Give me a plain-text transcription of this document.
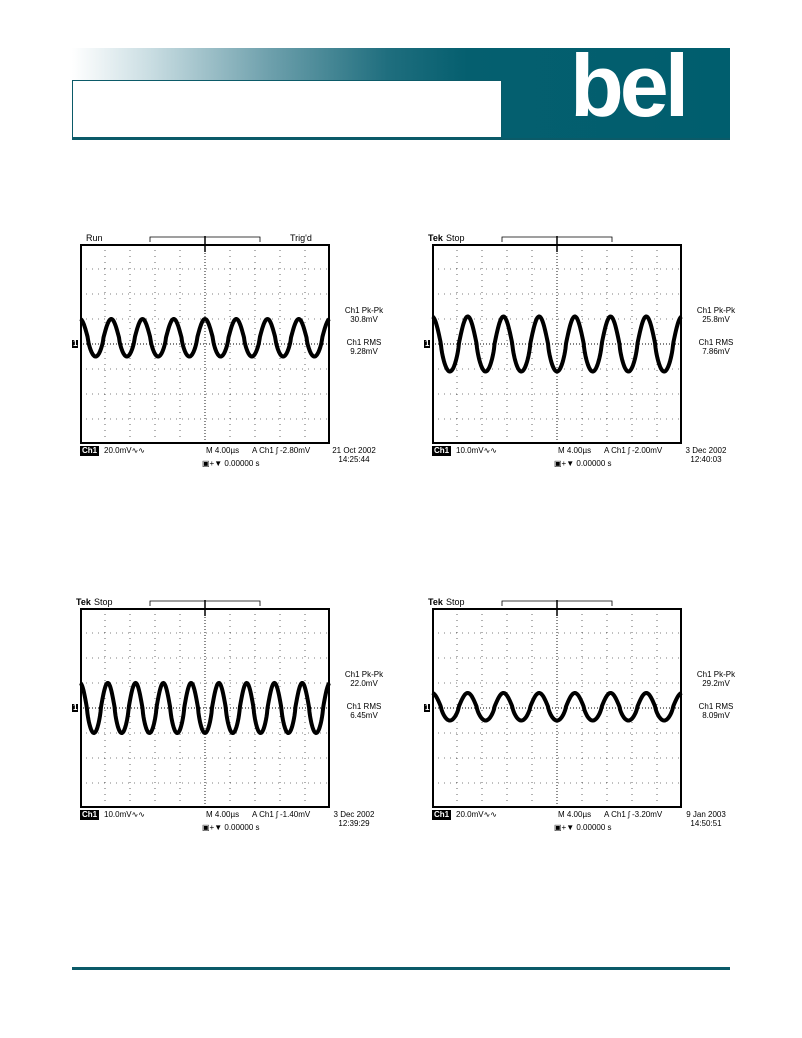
bel
Run	Trig'd
1
Ch1 Pk-Pk
30.8mV
Ch1 RMS
9.28mV
Ch1 20.0mV∿∿	M 4.00µs A Ch1 ʃ -2.80mV
▣+▼ 0.00000 s
21 Oct 2002
14:25:44
Tek Stop
1
Ch1 Pk-Pk
25.8mV
Ch1 RMS
7.86mV
Ch1 10.0mV∿∿	M 4.00µs A Ch1 ʃ -2.00mV
▣+▼ 0.00000 s
3 Dec 2002
12:40:03
Tek Stop
1
Ch1 Pk-Pk
22.0mV
Ch1 RMS
6.45mV
Ch1 10.0mV∿∿	M 4.00µs A Ch1 ʃ -1.40mV
▣+▼ 0.00000 s
3 Dec 2002
12:39:29
Tek Stop
1
Ch1 Pk-Pk
29.2mV
Ch1 RMS
8.09mV
Ch1 20.0mV∿∿	M 4.00µs A Ch1 ʃ -3.20mV
▣+▼ 0.00000 s
9 Jan 2003
14:50:51
